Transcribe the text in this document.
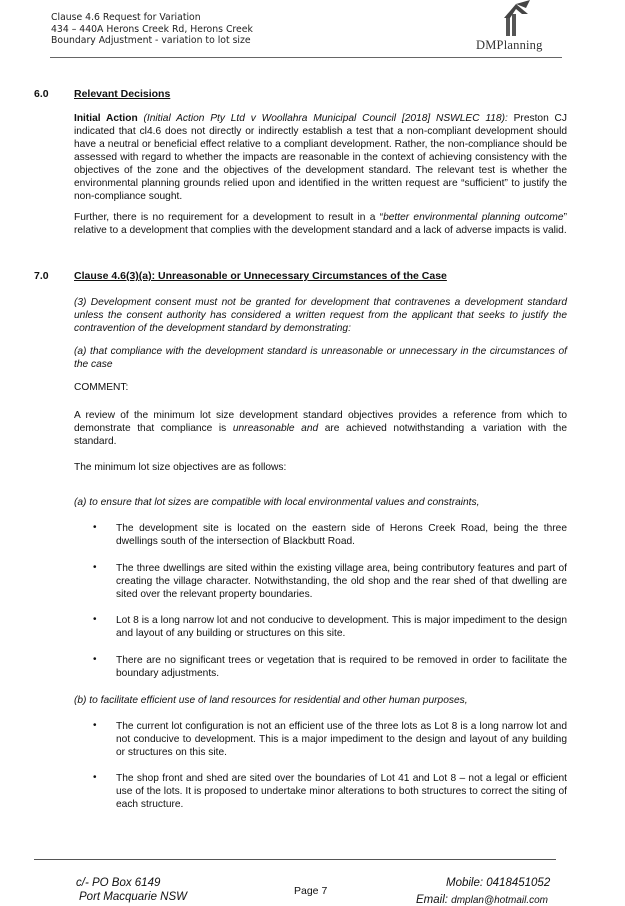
Clause 4.6 Request for Variation
434 – 440A Herons Creek Rd, Herons Creek
Boundary Adjustment - variation to lot size	DMPlanning
6.0 Relevant Decisions
Initial Action (Initial Action Pty Ltd v Woollahra Municipal Council [2018] NSWLEC 118): Preston CJ indicated that cl4.6 does not directly or indirectly establish a test that a non-compliant development should have a neutral or beneficial effect relative to a compliant development. Rather, the non-compliance should be assessed with regard to whether the impacts are reasonable in the context of achieving consistency with the objectives of the zone and the objectives of the development standard. The relevant test is whether the environmental planning grounds relied upon and identified in the written request are “sufficient” to justify the non-compliance sought.
Further, there is no requirement for a development to result in a “better environmental planning outcome” relative to a development that complies with the development standard and a lack of adverse impacts is valid.
7.0 Clause 4.6(3)(a): Unreasonable or Unnecessary Circumstances of the Case
(3) Development consent must not be granted for development that contravenes a development standard unless the consent authority has considered a written request from the applicant that seeks to justify the contravention of the development standard by demonstrating:
(a) that compliance with the development standard is unreasonable or unnecessary in the circumstances of the case
COMMENT:
A review of the minimum lot size development standard objectives provides a reference from which to demonstrate that compliance is unreasonable and are achieved notwithstanding a variation with the standard.
The minimum lot size objectives are as follows:
(a) to ensure that lot sizes are compatible with local environmental values and constraints,
• The development site is located on the eastern side of Herons Creek Road, being the three dwellings south of the intersection of Blackbutt Road.
• The three dwellings are sited within the existing village area, being contributory features and part of creating the village character. Notwithstanding, the old shop and the rear shed of that dwelling are sited over the relevant property boundaries.
• Lot 8 is a long narrow lot and not conducive to development. This is major impediment to the design and layout of any building or structures on this site.
• There are no significant trees or vegetation that is required to be removed in order to facilitate the boundary adjustments.
(b) to facilitate efficient use of land resources for residential and other human purposes,
• The current lot configuration is not an efficient use of the three lots as Lot 8 is a long narrow lot and not conducive to development. This is a major impediment to the design and layout of any building or structures on this site.
• The shop front and shed are sited over the boundaries of Lot 41 and Lot 8 – not a legal or efficient use of the lots. It is proposed to undertake minor alterations to both structures to correct the siting of each structure.
c/- PO Box 6149
Port Macquarie NSW	Page 7
Mobile: 0418451052
Email: dmplan@hotmail.com
